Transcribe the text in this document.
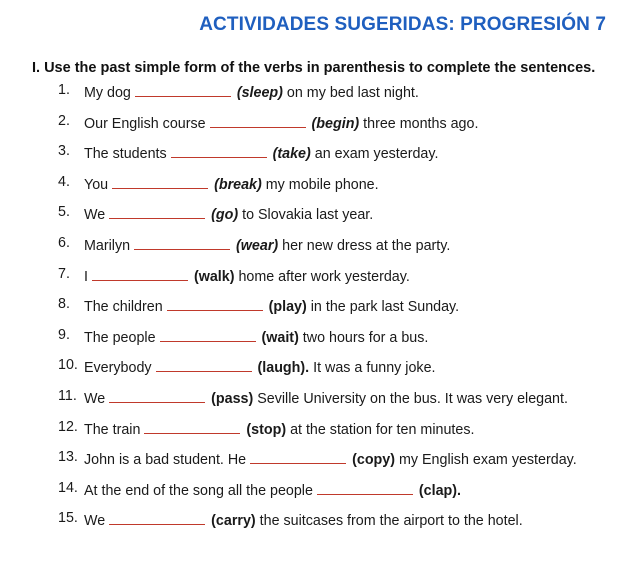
ACTIVIDADES SUGERIDAS: PROGRESIÓN 7
I. Use the past simple form of the verbs in parenthesis to complete the sentences.
1. My dog	(sleep) on my bed last night.
2. Our English course	(begin) three months ago.
3. The students	(take) an exam yesterday.
4. You	(break) my mobile phone.
5. We	(go) to Slovakia last year.
6. Marilyn	(wear) her new dress at the party.
7. I	(walk) home after work yesterday.
8. The children	(play) in the park last Sunday.
9. The people	(wait) two hours for a bus.
10. Everybody	(laugh). It was a funny joke.
11. We	(pass) Seville University on the bus. It was very elegant.
12. The train	(stop) at the station for ten minutes.
13. John is a bad student. He	(copy) my English exam yesterday.
14. At the end of the song all the people	(clap).
15. We	(carry) the suitcases from the airport to the hotel.
